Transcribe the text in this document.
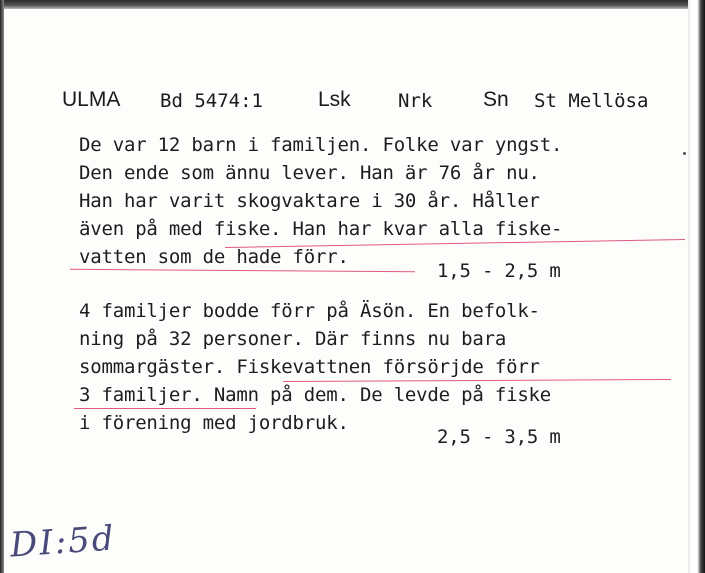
ULMA Bd 5474:1	Lsk Nrk Sn St Mellösa
De var 12 barn i familjen. Folke var yngst.
Den ende som ännu lever. Han är 76 år nu.
Han har varit skogvaktare i 30 år. Håller
även på med fiske. Han har kvar alla fiske-
vatten som de hade förr.
1,5 - 2,5 m
4 familjer bodde förr på Äsön. En befolk-
ning på 32 personer. Där finns nu bara
sommargäster. Fiskevattnen försörjde förr
3 familjer. Namn på dem. De levde på fiske
i förening med jordbruk.
2,5 - 3,5 m
DI:5d
